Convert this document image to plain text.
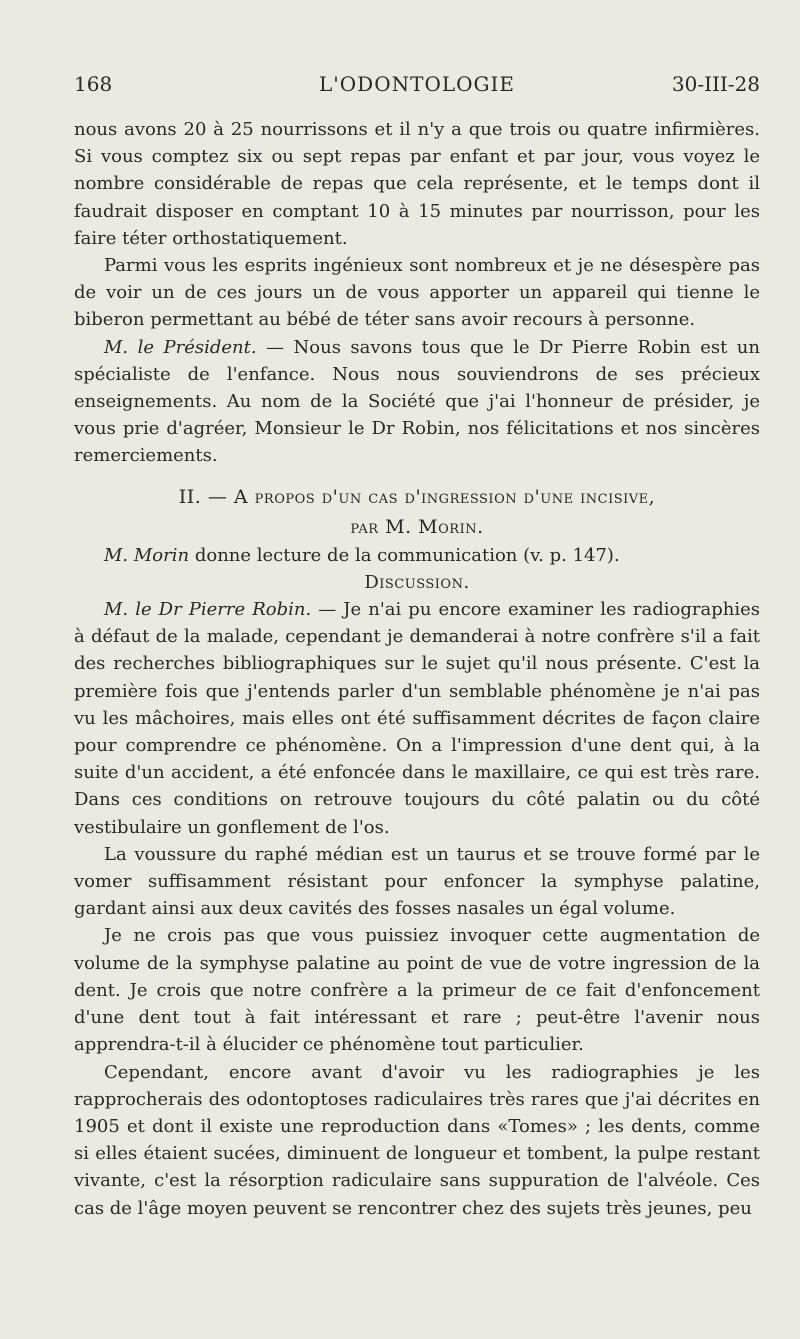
168	L'ODONTOLOGIE	30-III-28

nous avons 20 à 25 nourrissons et il n'y a que trois ou quatre infirmières. Si vous comptez six ou sept repas par enfant et par jour, vous voyez le nombre considérable de repas que cela représente, et le temps dont il faudrait disposer en comptant 10 à 15 minutes par nourrisson, pour les faire téter orthostatiquement.

Parmi vous les esprits ingénieux sont nombreux et je ne désespère pas de voir un de ces jours un de vous apporter un appareil qui tienne le biberon permettant au bébé de téter sans avoir recours à personne.

M. le Président. — Nous savons tous que le Dr Pierre Robin est un spécialiste de l'enfance. Nous nous souviendrons de ses précieux enseignements. Au nom de la Société que j'ai l'honneur de présider, je vous prie d'agréer, Monsieur le Dr Robin, nos félicitations et nos sincères remerciements.

II. — A propos d'un cas d'ingression d'une incisive,
par M. Morin.

M. Morin donne lecture de la communication (v. p. 147).

Discussion.

M. le Dr Pierre Robin. — Je n'ai pu encore examiner les radiographies à défaut de la malade, cependant je demanderai à notre confrère s'il a fait des recherches bibliographiques sur le sujet qu'il nous présente. C'est la première fois que j'entends parler d'un semblable phénomène je n'ai pas vu les mâchoires, mais elles ont été suffisamment décrites de façon claire pour comprendre ce phénomène. On a l'impression d'une dent qui, à la suite d'un accident, a été enfoncée dans le maxillaire, ce qui est très rare. Dans ces conditions on retrouve toujours du côté palatin ou du côté vestibulaire un gonflement de l'os.

La voussure du raphé médian est un taurus et se trouve formé par le vomer suffisamment résistant pour enfoncer la symphyse palatine, gardant ainsi aux deux cavités des fosses nasales un égal volume.

Je ne crois pas que vous puissiez invoquer cette augmentation de volume de la symphyse palatine au point de vue de votre ingression de la dent. Je crois que notre confrère a la primeur de ce fait d'enfoncement d'une dent tout à fait intéressant et rare ; peut-être l'avenir nous apprendra-t-il à élucider ce phénomène tout particulier.

Cependant, encore avant d'avoir vu les radiographies je les rapprocherais des odontoptoses radiculaires très rares que j'ai décrites en 1905 et dont il existe une reproduction dans «Tomes» ; les dents, comme si elles étaient sucées, diminuent de longueur et tombent, la pulpe restant vivante, c'est la résorption radiculaire sans suppuration de l'alvéole. Ces cas de l'âge moyen peuvent se rencontrer chez des sujets très jeunes, peu
